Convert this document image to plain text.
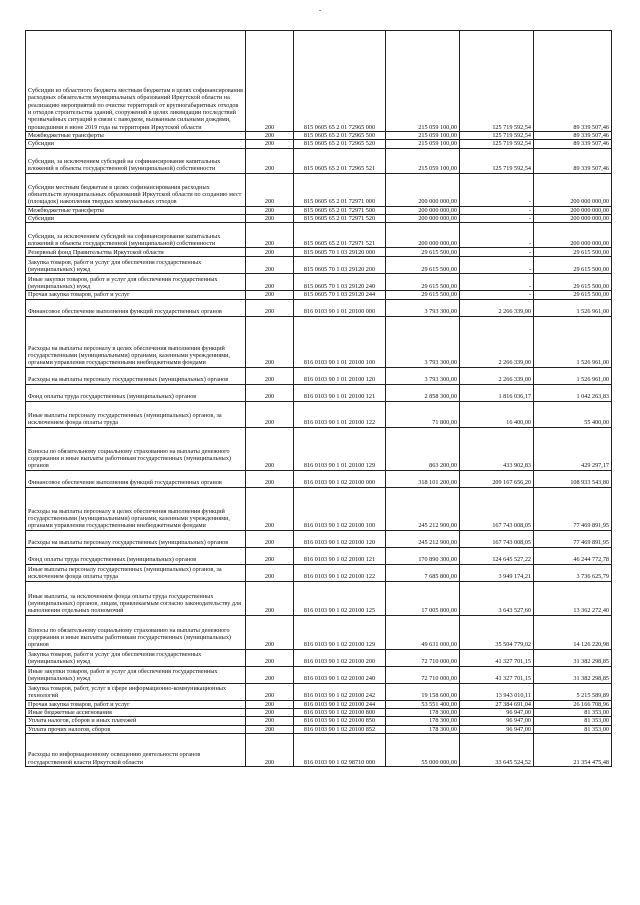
-
Субсидии из областного бюджета местным бюджетам в целях софинансирования расходных обязательств муниципальных образований Иркутской области на реализацию мероприятий по очистке территорий от крупногабаритных отходов и отходов строительства зданий, сооружений в целях ликвидации последствий чрезвычайных ситуаций в связи с паводком, вызванным сильными дождями, прошедшими в июне 2019 года на территории Иркутской области	200	815 0605 65 2 01 72965 000	215 059 100,00	125 719 592,54	89 339 507,46
Межбюджетные трансферты	200	815 0605 65 2 01 72965 500	215 059 100,00	125 719 592,54	89 339 507,46
Субсидии	200	815 0605 65 2 01 72965 520	215 059 100,00	125 719 592,54	89 339 507,46
Субсидии, за исключением субсидий на софинансирование капитальных вложений в объекты государственной (муниципальной) собственности	200	815 0605 65 2 01 72965 521	215 059 100,00	125 719 592,54	89 339 507,46
Субсидии местным бюджетам в целях софинансирования расходных обязательств муниципальных образований Иркутской области по созданию мест (площадок) накопления твердых коммунальных отходов	200	815 0605 65 2 01 72971 000	200 000 000,00	-	200 000 000,00
Межбюджетные трансферты	200	815 0605 65 2 01 72971 500	200 000 000,00	-	200 000 000,00
Субсидии	200	815 0605 65 2 01 72971 520	200 000 000,00	-	200 000 000,00
Субсидии, за исключением субсидий на софинансирование капитальных вложений в объекты государственной (муниципальной) собственности	200	815 0605 65 2 01 72971 521	200 000 000,00	-	200 000 000,00
Резервный фонд Правительства Иркутской области	200	815 0605 70 1 03 29120 000	29 615 500,00	-	29 615 500,00
Закупка товаров, работ и услуг для обеспечения государственных (муниципальных) нужд	200	815 0605 70 1 03 29120 200	29 615 500,00	-	29 615 500,00
Иные закупки товаров, работ и услуг для обеспечения государственных (муниципальных) нужд	200	815 0605 70 1 03 29120 240	29 615 500,00	-	29 615 500,00
Прочая закупка товаров, работ и услуг	200	815 0605 70 1 03 29120 244	29 615 500,00	-	29 615 500,00
Финансовое обеспечение выполнения функций государственных органов	200	816 0103 90 1 01 20100 000	3 793 300,00	2 266 339,00	1 526 961,00
Расходы на выплаты персоналу в целях обеспечения выполнения функций государственными (муниципальными) органами, казенными учреждениями, органами управления государственными внебюджетными фондами	200	816 0103 90 1 01 20100 100	3 793 300,00	2 266 339,00	1 526 961,00
Расходы на выплаты персоналу государственных (муниципальных) органов	200	816 0103 90 1 01 20100 120	3 793 300,00	2 266 339,00	1 526 961,00
Фонд оплаты труда государственных (муниципальных) органов	200	816 0103 90 1 01 20100 121	2 858 300,00	1 816 036,17	1 042 263,83
Иные выплаты персоналу государственных (муниципальных) органов, за исключением фонда оплаты труда	200	816 0103 90 1 01 20100 122	71 800,00	16 400,00	55 400,00
Взносы по обязательному социальному страхованию на выплаты денежного содержания и иные выплаты работникам государственных (муниципальных) органов	200	816 0103 90 1 01 20100 129	863 200,00	433 902,83	429 297,17
Финансовое обеспечение выполнения функций государственных органов	200	816 0103 90 1 02 20100 000	318 101 200,00	209 167 656,20	108 933 543,80
Расходы на выплаты персоналу в целях обеспечения выполнения функций государственными (муниципальными) органами, казенными учреждениями, органами управления государственными внебюджетными фондами	200	816 0103 90 1 02 20100 100	245 212 900,00	167 743 008,05	77 469 891,95
Расходы на выплаты персоналу государственных (муниципальных) органов	200	816 0103 90 1 02 20100 120	245 212 900,00	167 743 008,05	77 469 891,95
Фонд оплаты труда государственных (муниципальных) органов	200	816 0103 90 1 02 20100 121	170 890 300,00	124 645 527,22	46 244 772,78
Иные выплаты персоналу государственных (муниципальных) органов, за исключением фонда оплаты труда	200	816 0103 90 1 02 20100 122	7 685 800,00	3 949 174,21	3 736 625,79
Иные выплаты, за исключением фонда оплаты труда государственных (муниципальных) органов, лицам, привлекаемым согласно законодательству для выполнения отдельных полномочий	200	816 0103 90 1 02 20100 125	17 005 800,00	3 643 527,60	13 362 272,40
Взносы по обязательному социальному страхованию на выплаты денежного содержания и иные выплаты работникам государственных (муниципальных) органов	200	816 0103 90 1 02 20100 129	49 631 000,00	35 504 779,02	14 126 220,98
Закупка товаров, работ и услуг для обеспечения государственных (муниципальных) нужд	200	816 0103 90 1 02 20100 200	72 710 000,00	41 327 701,15	31 382 298,85
Иные закупки товаров, работ и услуг для обеспечения государственных (муниципальных) нужд	200	816 0103 90 1 02 20100 240	72 710 000,00	41 327 701,15	31 382 298,85
Закупка товаров, работ, услуг в сфере информационно-коммуникационных технологий	200	816 0103 90 1 02 20100 242	19 158 600,00	13 943 010,11	5 215 589,89
Прочая закупка товаров, работ и услуг	200	816 0103 90 1 02 20100 244	53 551 400,00	27 384 691,04	26 166 708,96
Иные бюджетные ассигнования	200	816 0103 90 1 02 20100 800	178 300,00	96 947,00	81 353,00
Уплата налогов, сборов и иных платежей	200	816 0103 90 1 02 20100 850	178 300,00	96 947,00	81 353,00
Уплата прочих налогов, сборов	200	816 0103 90 1 02 20100 852	178 300,00	96 947,00	81 353,00
Расходы по информационному освещению деятельности органов государственной власти Иркутской области	200	816 0103 90 1 02 98710 000	55 000 000,00	33 645 524,52	21 354 475,48
